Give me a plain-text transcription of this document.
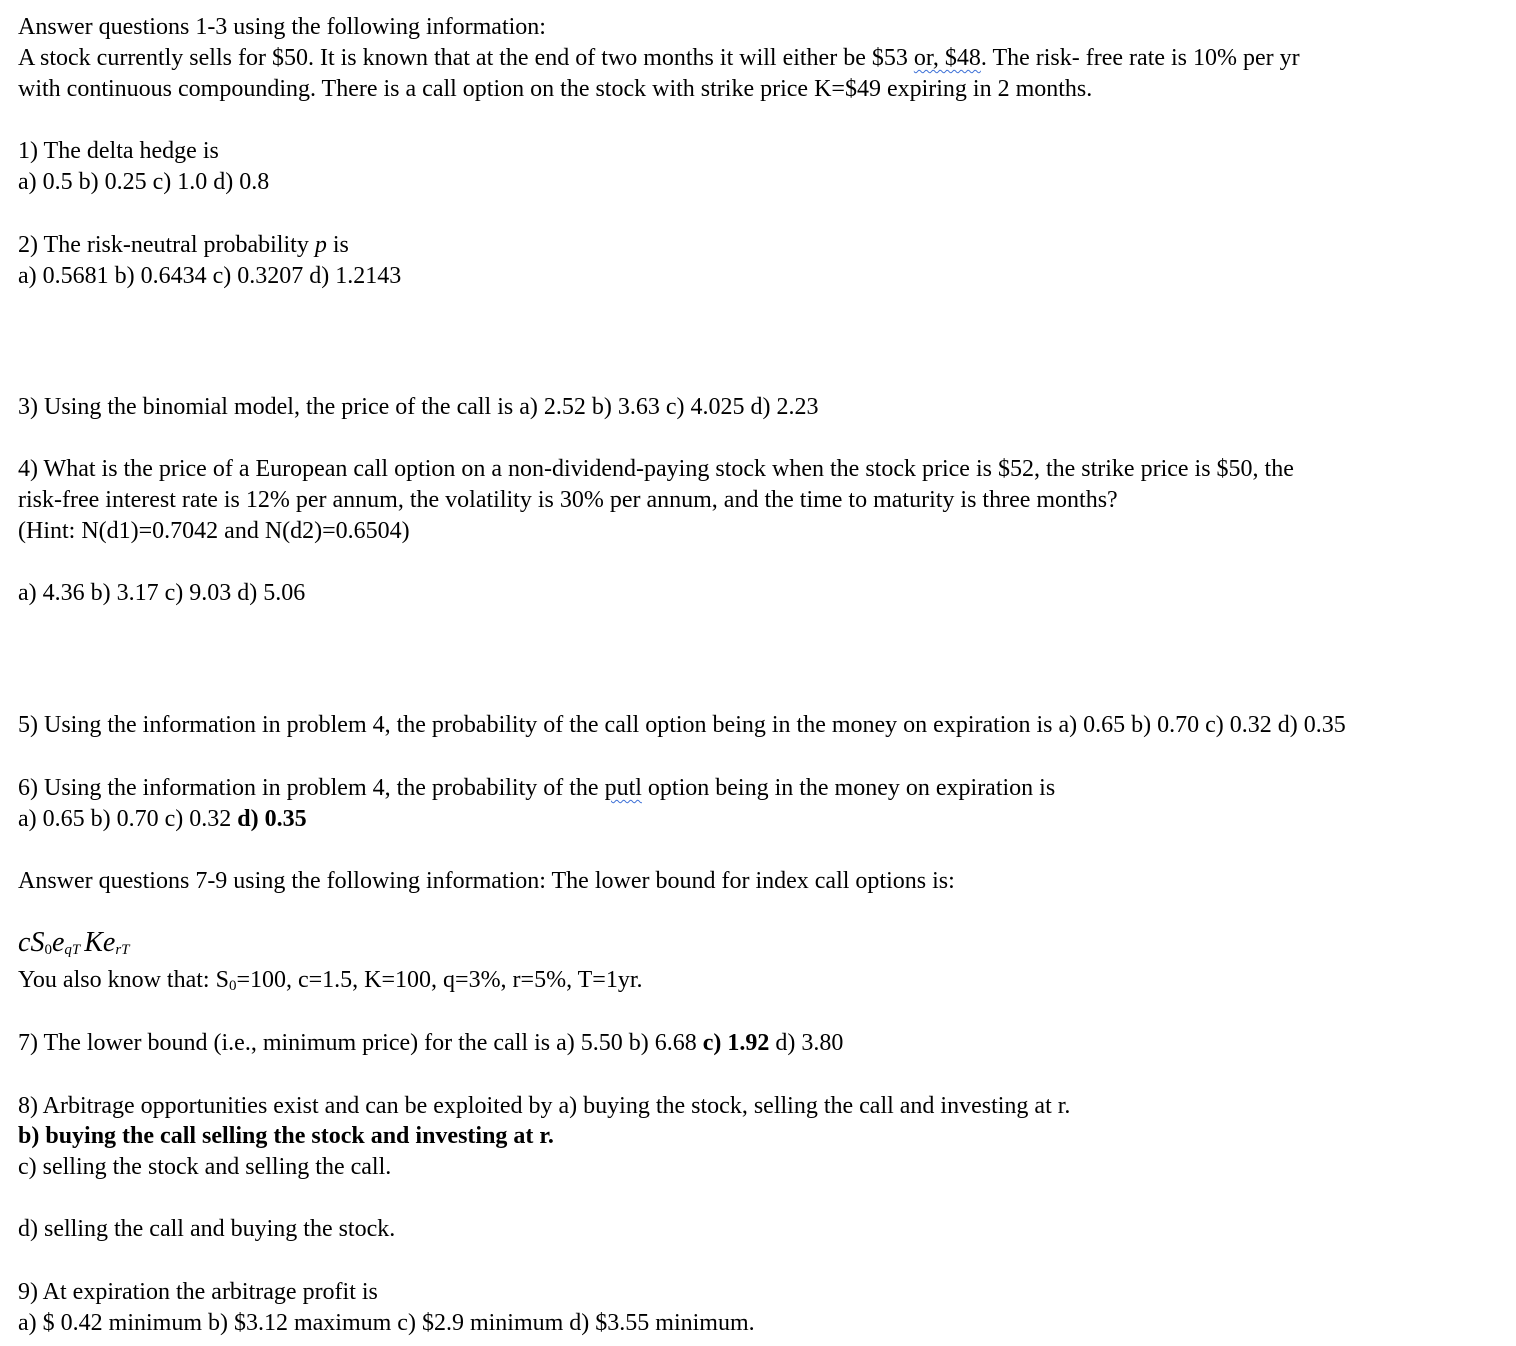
Answer questions 1-3 using the following information:
A stock currently sells for $50. It is known that at the end of two months it will either be $53 or, $48. The risk- free rate is 10% per yr
with continuous compounding. There is a call option on the stock with strike price K=$49 expiring in 2 months.
1) The delta hedge is
a) 0.5 b) 0.25 c) 1.0 d) 0.8
2) The risk-neutral probability p is
a) 0.5681 b) 0.6434 c) 0.3207 d) 1.2143
3) Using the binomial model, the price of the call is a) 2.52 b) 3.63 c) 4.025 d) 2.23
4) What is the price of a European call option on a non-dividend-paying stock when the stock price is $52, the strike price is $50, the
risk-free interest rate is 12% per annum, the volatility is 30% per annum, and the time to maturity is three months?
(Hint: N(d1)=0.7042 and N(d2)=0.6504)
a) 4.36 b) 3.17 c) 9.03 d) 5.06
5) Using the information in problem 4, the probability of the call option being in the money on expiration is a) 0.65 b) 0.70 c) 0.32 d) 0.35
6) Using the information in problem 4, the probability of the putl option being in the money on expiration is
a) 0.65 b) 0.70 c) 0.32 d) 0.35
Answer questions 7-9 using the following information: The lower bound for index call options is:
$cS0e_{qT}$ $Ke_{rT}$
You also know that: S0=100, c=1.5, K=100, q=3%, r=5%, T=1yr.
7) The lower bound (i.e., minimum price) for the call is a) 5.50 b) 6.68 c) 1.92 d) 3.80
8) Arbitrage opportunities exist and can be exploited by a) buying the stock, selling the call and investing at r.
b) buying the call selling the stock and investing at r.
c) selling the stock and selling the call.
d) selling the call and buying the stock.
9) At expiration the arbitrage profit is
a) $ 0.42 minimum b) $3.12 maximum c) $2.9 minimum d) $3.55 minimum.
